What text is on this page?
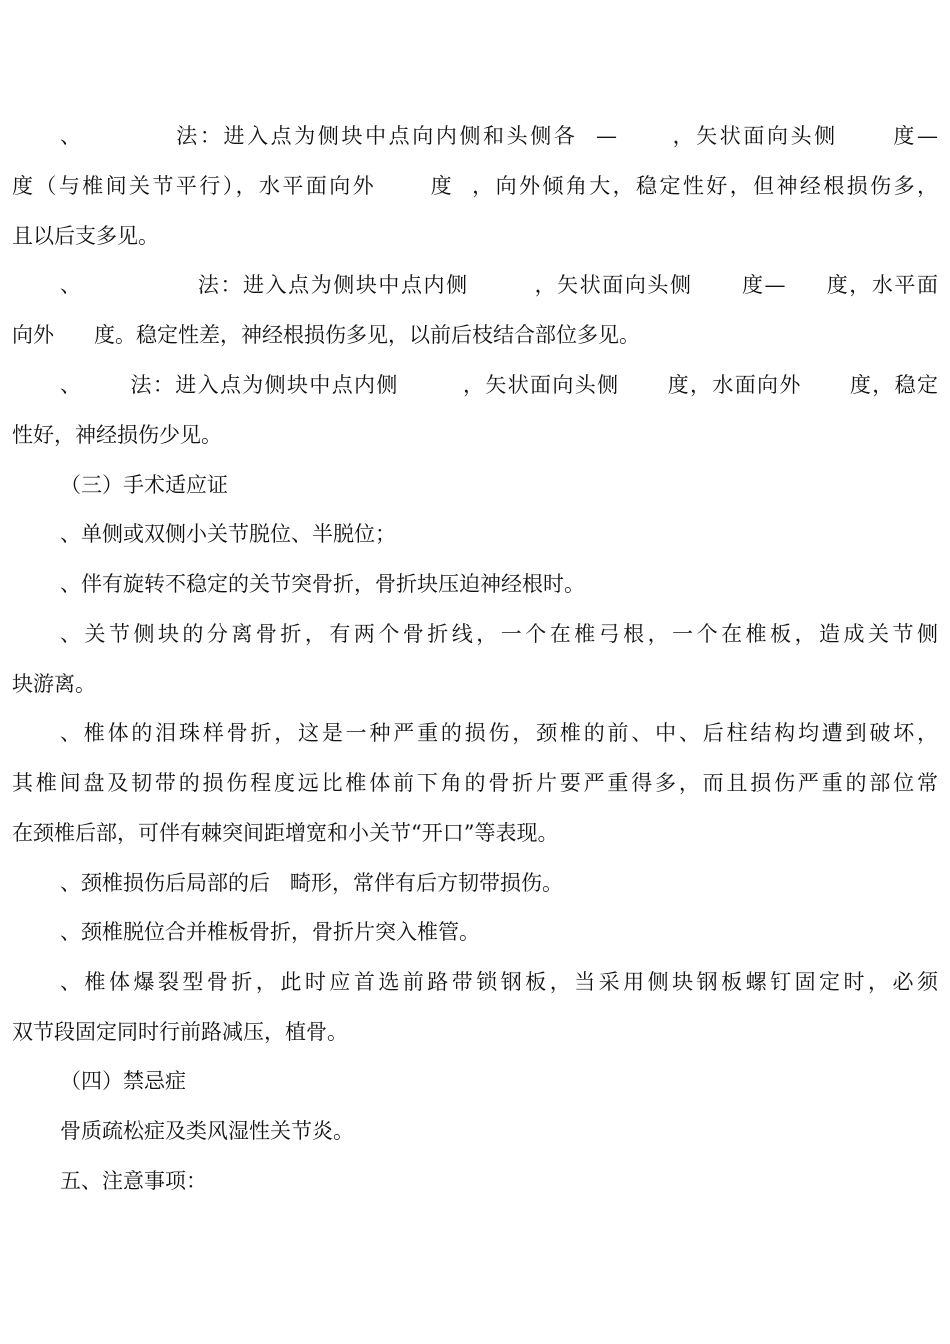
、          法：进入点为侧块中点向内侧和头侧各  —      ，矢状面向头侧      度—
度（与椎间关节平行），水平面向外      度  ，向外倾角大，稳定性好，但神经根损伤多，
且以后支多见。
、              法：进入点为侧块中点内侧        ，矢状面向头侧      度—     度，水平面
向外      度。稳定性差，神经根损伤多见，以前后枝结合部位多见。
、      法：进入点为侧块中点内侧        ，矢状面向头侧      度，水面向外      度，稳定
性好，神经损伤少见。
（三）手术适应证
、单侧或双侧小关节脱位、半脱位；
、伴有旋转不稳定的关节突骨折，骨折块压迫神经根时。
、关节侧块的分离骨折，有两个骨折线，一个在椎弓根，一个在椎板，造成关节侧
块游离。
、椎体的泪珠样骨折，这是一种严重的损伤，颈椎的前、中、后柱结构均遭到破坏，
其椎间盘及韧带的损伤程度远比椎体前下角的骨折片要严重得多，而且损伤严重的部位常
在颈椎后部，可伴有棘突间距增宽和小关节“开口”等表现。
、颈椎损伤后局部的后   畸形，常伴有后方韧带损伤。
、颈椎脱位合并椎板骨折，骨折片突入椎管。
、椎体爆裂型骨折，此时应首选前路带锁钢板，当采用侧块钢板螺钉固定时，必须
双节段固定同时行前路减压，植骨。
（四）禁忌症
骨质疏松症及类风湿性关节炎。
五、注意事项：
